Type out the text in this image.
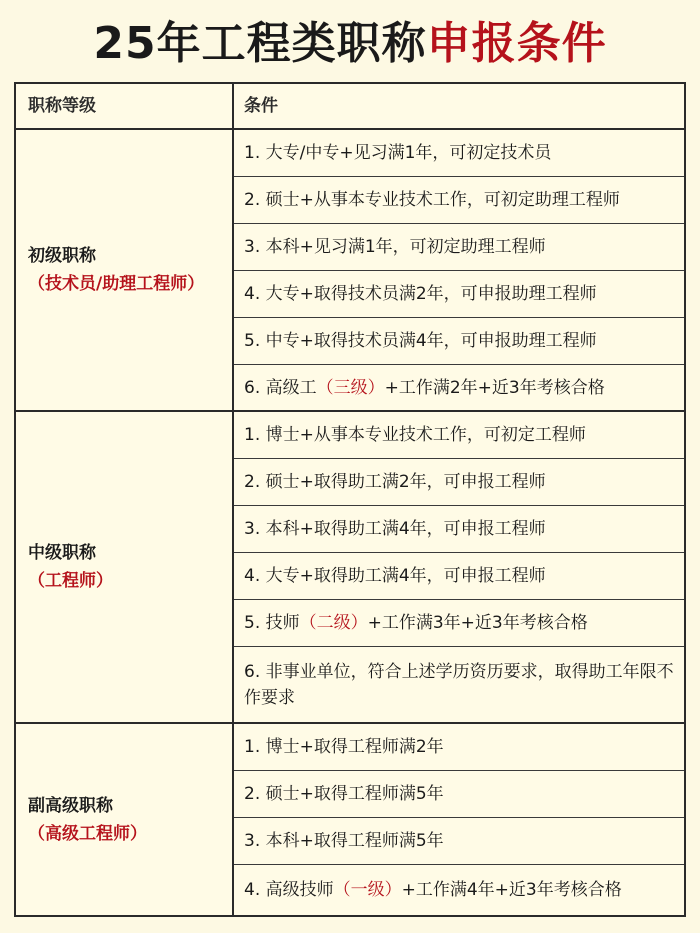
25年工程类职称申报条件
职称等级	条件
初级职称
（技术员/助理工程师）
1. 大专/中专+见习满1年，可初定技术员
2. 硕士+从事本专业技术工作，可初定助理工程师
3. 本科+见习满1年，可初定助理工程师
4. 大专+取得技术员满2年，可申报助理工程师
5. 中专+取得技术员满4年，可申报助理工程师
6. 高级工 （三级） +工作满2年+近3年考核合格
中级职称
（工程师）
1. 博士+从事本专业技术工作，可初定工程师
2. 硕士+取得助工满2年，可申报工程师
3. 本科+取得助工满4年，可申报工程师
4. 大专+取得助工满4年，可申报工程师
5. 技师 （二级） +工作满3年+近3年考核合格
6. 非事业单位，符合上述学历资历要求，取得助工年限不作要求
副高级职称
（高级工程师）
1. 博士+取得工程师满2年
2. 硕士+取得工程师满5年
3. 本科+取得工程师满5年
4. 高级技师 （一级） +工作满4年+近3年考核合格
